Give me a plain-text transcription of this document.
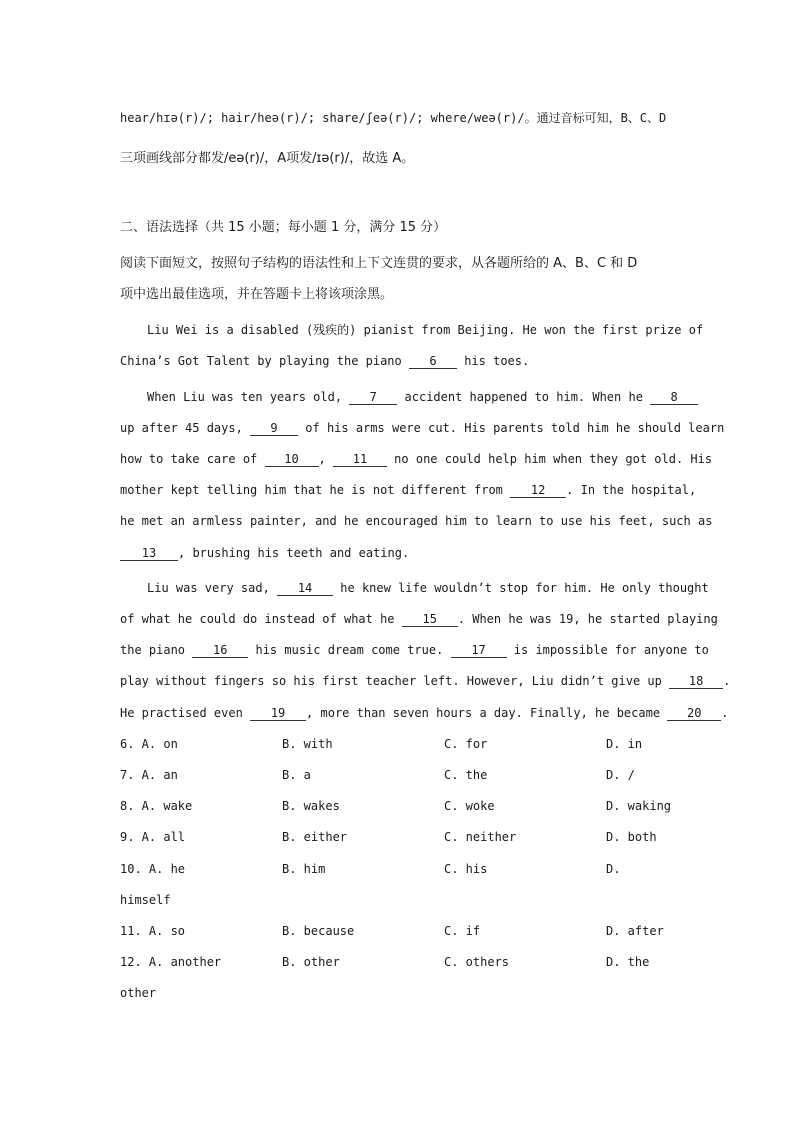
hear/hɪə(r)/; hair/heə(r)/; share/ʃeə(r)/; where/weə(r)/。通过音标可知，B、C、D
三项画线部分都发/eə(r)/，A项发/ɪə(r)/，故选 A。
二、语法选择（共 15 小题；每小题 1 分，满分 15 分）
阅读下面短文，按照句子结构的语法性和上下文连贯的要求，从各题所给的 A、B、C 和 D
项中选出最佳选项，并在答题卡上将该项涂黑。
Liu Wei is a disabled (残疾的) pianist from Beijing. He won the first prize of
China’s Got Talent by playing the piano 6 his toes.
When Liu was ten years old, 7 accident happened to him. When he 8
up after 45 days, 9 of his arms were cut. His parents told him he should learn
how to take care of 10 , 11 no one could help him when they got old. His
mother kept telling him that he is not different from 12 . In the hospital,
he met an armless painter, and he encouraged him to learn to use his feet, such as
13 , brushing his teeth and eating.
Liu was very sad, 14 he knew life wouldn’t stop for him. He only thought
of what he could do instead of what he 15 . When he was 19, he started playing
the piano 16 his music dream come true. 17 is impossible for anyone to
play without fingers so his first teacher left. However, Liu didn’t give up 18 .
He practised even 19 , more than seven hours a day. Finally, he became 20 .
6. A. on	B. with	C. for	D. in
7. A. an	B. a	C. the	D. /
8. A. wake	B. wakes	C. woke	D. waking
9. A. all	B. either	C. neither	D. both
10. A. he	B. him	C. his	D.
himself
11. A. so	B. because	C. if	D. after
12. A. another	B. other	C. others	D. the
other
